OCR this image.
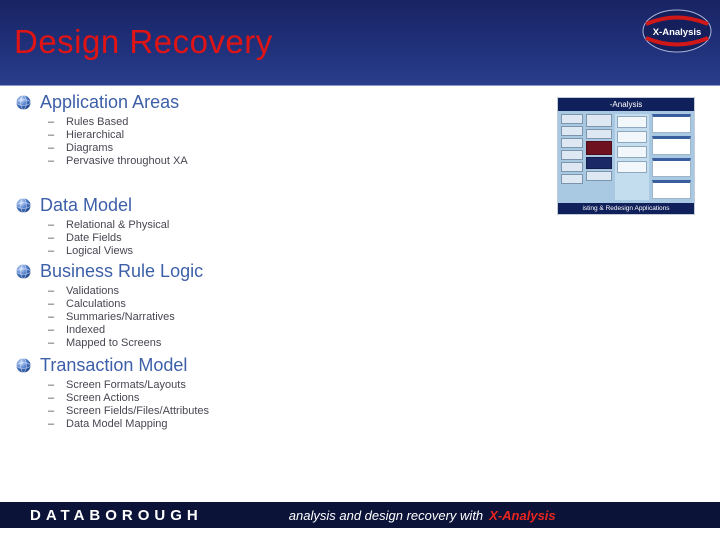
Design Recovery	X-Analysis
Application Areas
– Rules Based
– Hierarchical
– Diagrams
– Pervasive throughout XA
Data Model
– Relational & Physical
– Date Fields
– Logical Views
Business Rule Logic
– Validations
– Calculations
– Summaries/Narratives
– Indexed
– Mapped to Screens
Transaction Model
– Screen Formats/Layouts
– Screen Actions
– Screen Fields/Files/Attributes
– Data Model Mapping
-Analysis
isting & Redesign Applications
DATABOROUGH	analysis and design recovery with X-Analysis
